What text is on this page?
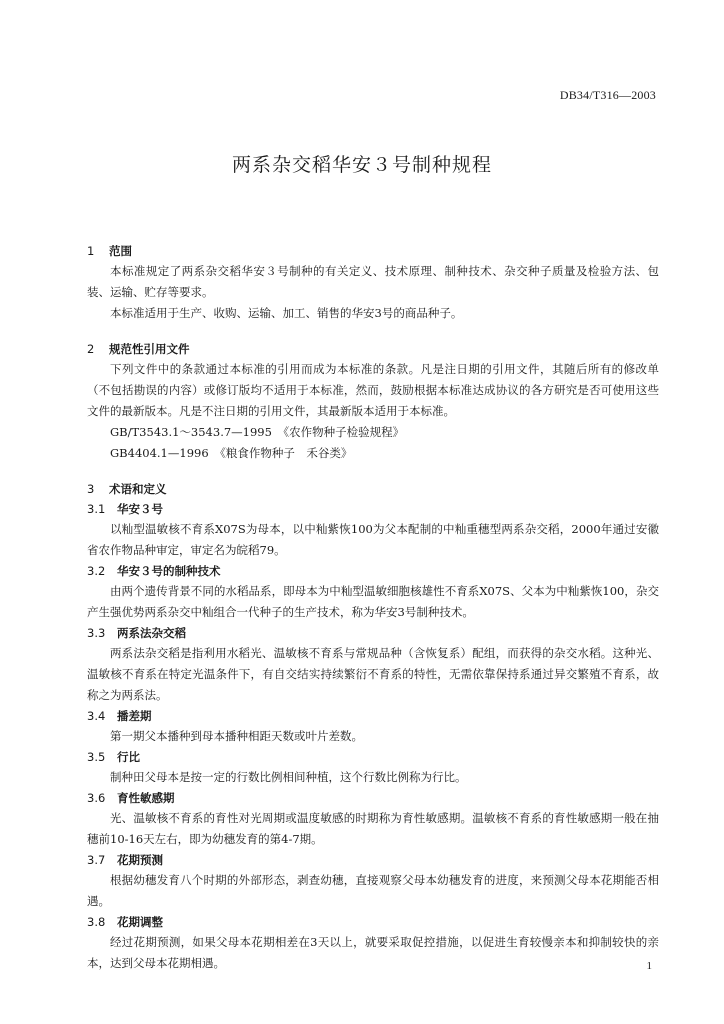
DB34/T316—2003
两系杂交稻华安３号制种规程
1 范围

本标准规定了两系杂交稻华安３号制种的有关定义、技术原理、制种技术、杂交种子质量及检验方法、包装、运输、贮存等要求。

本标准适用于生产、收购、运输、加工、销售的华安3号的商品种子。

2 规范性引用文件

下列文件中的条款通过本标准的引用而成为本标准的条款。凡是注日期的引用文件，其随后所有的修改单（不包括勘误的内容）或修订版均不适用于本标准，然而，鼓励根据本标准达成协议的各方研究是否可使用这些文件的最新版本。凡是不注日期的引用文件，其最新版本适用于本标准。

GB/T3543.1～3543.7—1995　《农作物种子检验规程》

GB4404.1—1996　《粮食作物种子　禾谷类》

3 术语和定义
3.1 华安３号

以籼型温敏核不育系X07S为母本，以中籼紫恢100为父本配制的中籼重穗型两系杂交稻，2000年通过安徽省农作物品种审定，审定名为皖稻79。

3.2 华安３号的制种技术

由两个遗传背景不同的水稻品系，即母本为中籼型温敏细胞核雄性不育系X07S、父本为中籼紫恢100，杂交产生强优势两系杂交中籼组合一代种子的生产技术，称为华安3号制种技术。

3.3 两系法杂交稻

两系法杂交稻是指利用水稻光、温敏核不育系与常规品种（含恢复系）配组，而获得的杂交水稻。这种光、温敏核不育系在特定光温条件下，有自交结实持续繁衍不育系的特性，无需依靠保持系通过异交繁殖不育系，故称之为两系法。

3.4 播差期

第一期父本播种到母本播种相距天数或叶片差数。

3.5 行比

制种田父母本是按一定的行数比例相间种植，这个行数比例称为行比。

3.6 育性敏感期

光、温敏核不育系的育性对光周期或温度敏感的时期称为育性敏感期。温敏核不育系的育性敏感期一般在抽穗前10-16天左右，即为幼穗发育的第4-7期。

3.7 花期预测

根据幼穗发育八个时期的外部形态，剥查幼穗，直接观察父母本幼穗发育的进度，来预测父母本花期能否相遇。

3.8 花期调整

经过花期预测，如果父母本花期相差在3天以上，就要采取促控措施，以促进生育较慢亲本和抑制较快的亲本，达到父母本花期相遇。	1
